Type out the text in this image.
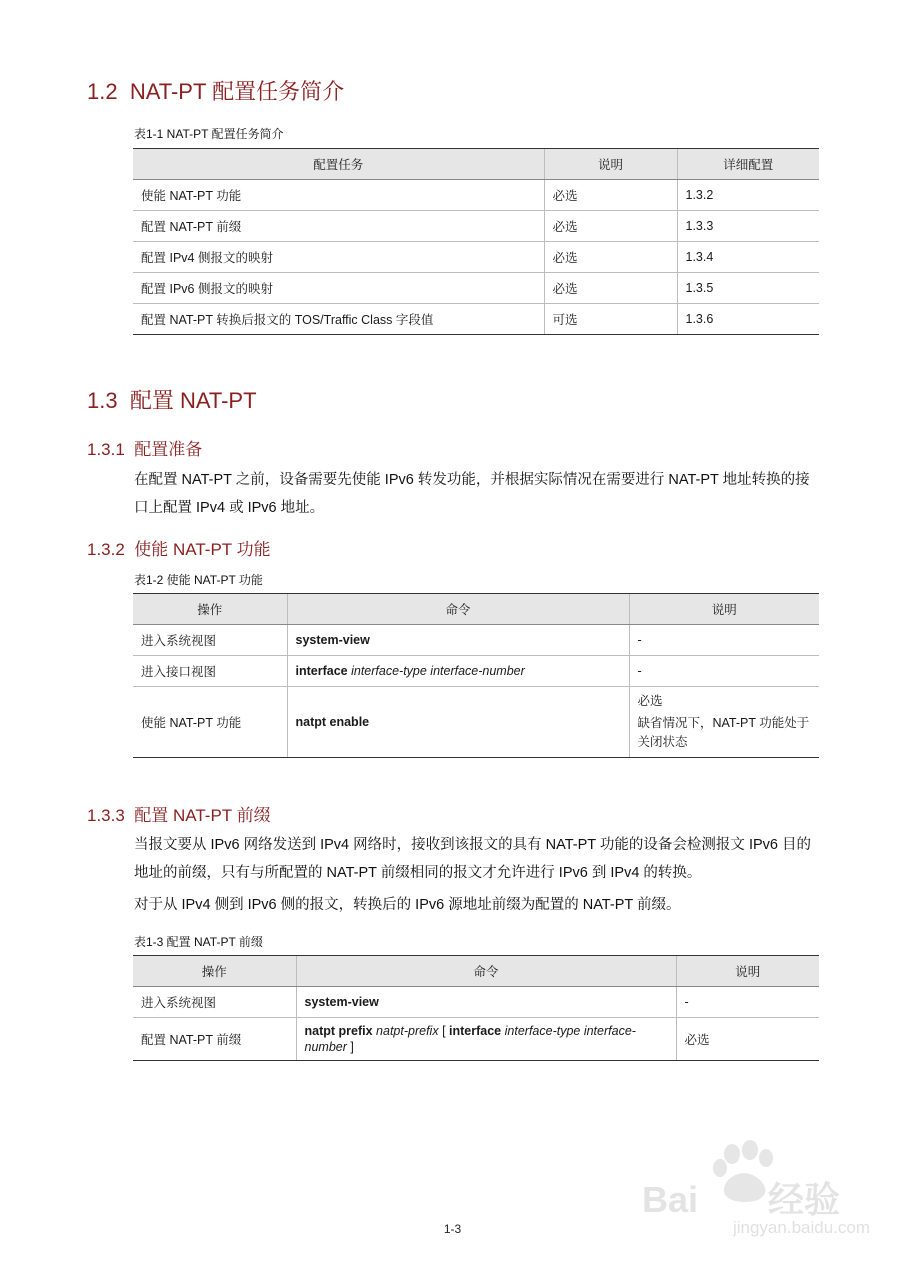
1.2 NAT-PT 配置任务简介
表1-1 NAT-PT 配置任务简介
配置任务	说明	详细配置
使能 NAT-PT 功能	必选	1.3.2
配置 NAT-PT 前缀	必选	1.3.3
配置 IPv4 侧报文的映射	必选	1.3.4
配置 IPv6 侧报文的映射	必选	1.3.5
配置 NAT-PT 转换后报文的 TOS/Traffic Class 字段值	可选	1.3.6
1.3 配置 NAT-PT
1.3.1 配置准备
在配置 NAT-PT 之前，设备需要先使能 IPv6 转发功能，并根据实际情况在需要进行 NAT-PT 地址转换的接口上配置 IPv4 或 IPv6 地址。
1.3.2 使能 NAT-PT 功能
表1-2 使能 NAT-PT 功能
操作	命令	说明
进入系统视图	system-view	-
进入接口视图	interface interface-type interface-number	-
使能 NAT-PT 功能	natpt enable	必选
缺省情况下，NAT-PT 功能处于关闭状态
1.3.3 配置 NAT-PT 前缀
当报文要从 IPv6 网络发送到 IPv4 网络时，接收到该报文的具有 NAT-PT 功能的设备会检测报文 IPv6 目的地址的前缀，只有与所配置的 NAT-PT 前缀相同的报文才允许进行 IPv6 到 IPv4 的转换。
对于从 IPv4 侧到 IPv6 侧的报文，转换后的 IPv6 源地址前缀为配置的 NAT-PT 前缀。
表1-3 配置 NAT-PT 前缀
操作	命令	说明
进入系统视图	system-view	-
配置 NAT-PT 前缀	natpt prefix natpt-prefix [ interface interface-type interface-number ]	必选
Bai 经验
jingyan.baidu.com
1-3
